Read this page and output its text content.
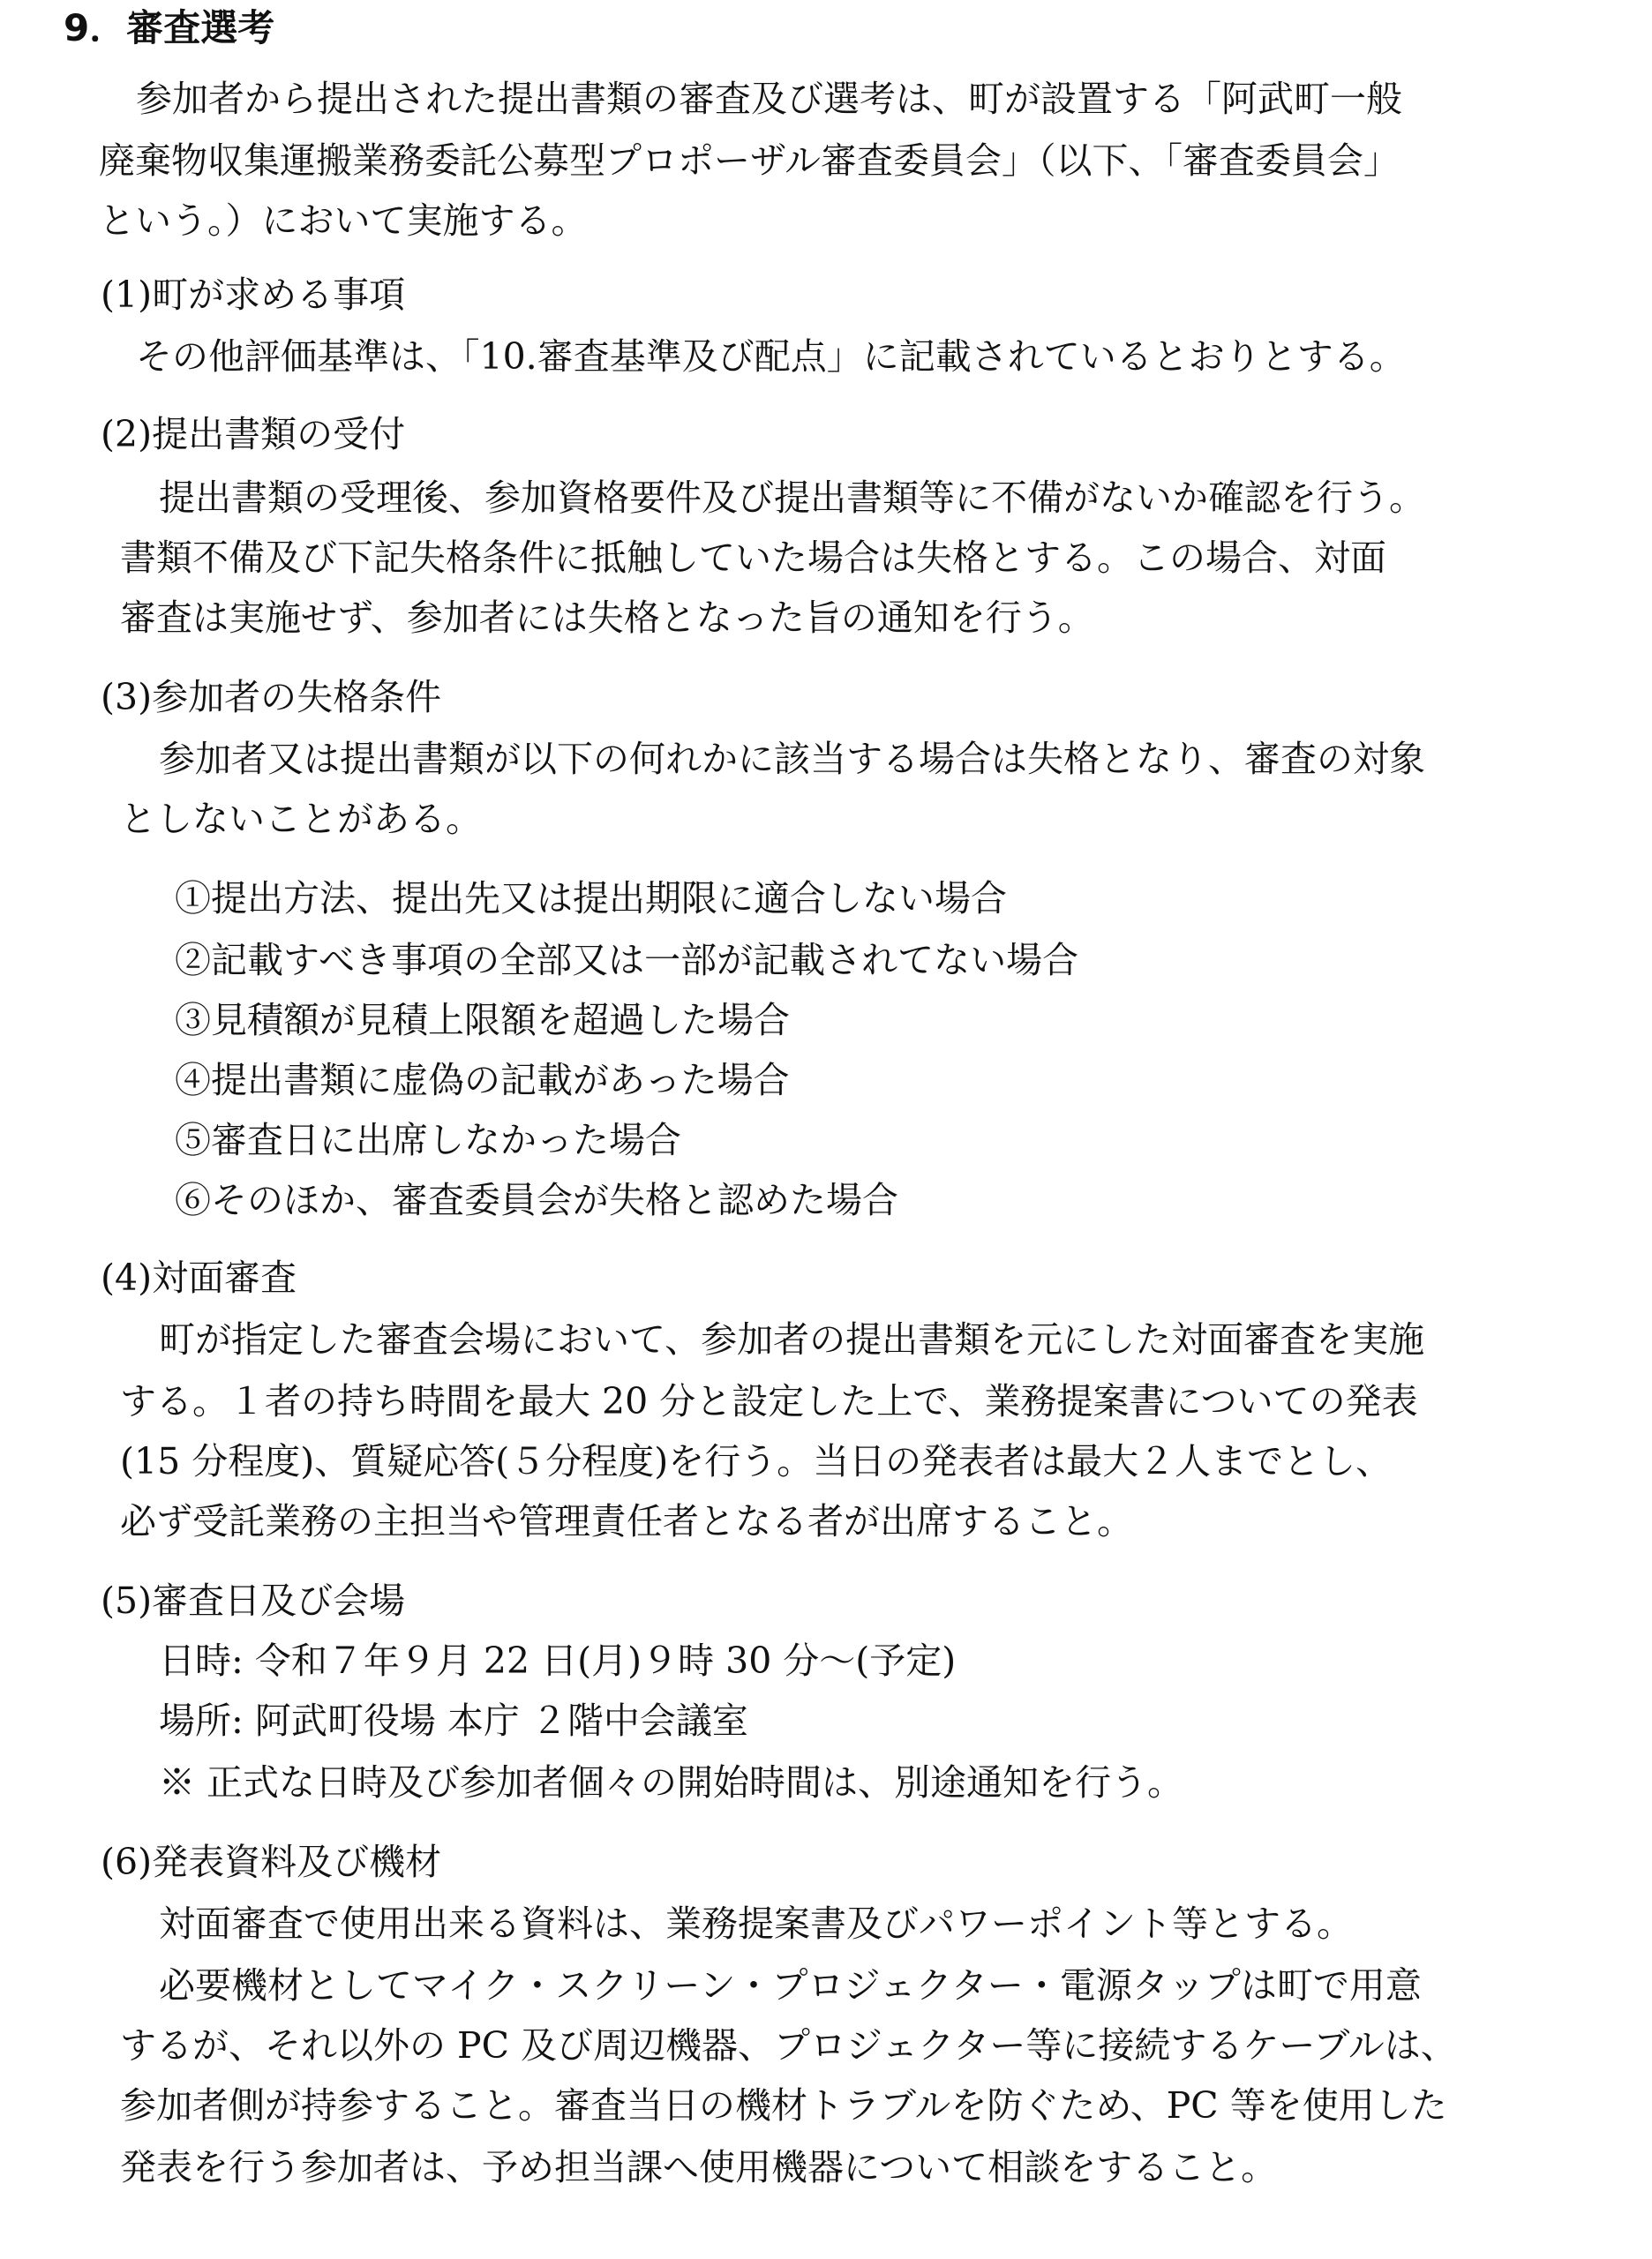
9．審査選考
参加者から提出された提出書類の審査及び選考は、町が設置する「阿武町一般
廃棄物収集運搬業務委託公募型プロポーザル審査委員会」（以下、「審査委員会」
という。）において実施する。
(1)町が求める事項
その他評価基準は、「10.審査基準及び配点」に記載されているとおりとする。
(2)提出書類の受付
提出書類の受理後、参加資格要件及び提出書類等に不備がないか確認を行う。
書類不備及び下記失格条件に抵触していた場合は失格とする。この場合、対面
審査は実施せず、参加者には失格となった旨の通知を行う。
(3)参加者の失格条件
参加者又は提出書類が以下の何れかに該当する場合は失格となり、審査の対象
としないことがある。
①提出方法、提出先又は提出期限に適合しない場合
②記載すべき事項の全部又は一部が記載されてない場合
③見積額が見積上限額を超過した場合
④提出書類に虚偽の記載があった場合
⑤審査日に出席しなかった場合
⑥そのほか、審査委員会が失格と認めた場合
(4)対面審査
町が指定した審査会場において、参加者の提出書類を元にした対面審査を実施
する。１者の持ち時間を最大 20 分と設定した上で、業務提案書についての発表
(15 分程度)、質疑応答(５分程度)を行う。当日の発表者は最大２人までとし、
必ず受託業務の主担当や管理責任者となる者が出席すること。
(5)審査日及び会場
日時: 令和７年９月 22 日(月)９時 30 分～(予定)
場所: 阿武町役場 本庁 ２階中会議室
※ 正式な日時及び参加者個々の開始時間は、別途通知を行う。
(6)発表資料及び機材
対面審査で使用出来る資料は、業務提案書及びパワーポイント等とする。
必要機材としてマイク・スクリーン・プロジェクター・電源タップは町で用意
するが、それ以外の PC 及び周辺機器、プロジェクター等に接続するケーブルは、
参加者側が持参すること。審査当日の機材トラブルを防ぐため、PC 等を使用した
発表を行う参加者は、予め担当課へ使用機器について相談をすること。
